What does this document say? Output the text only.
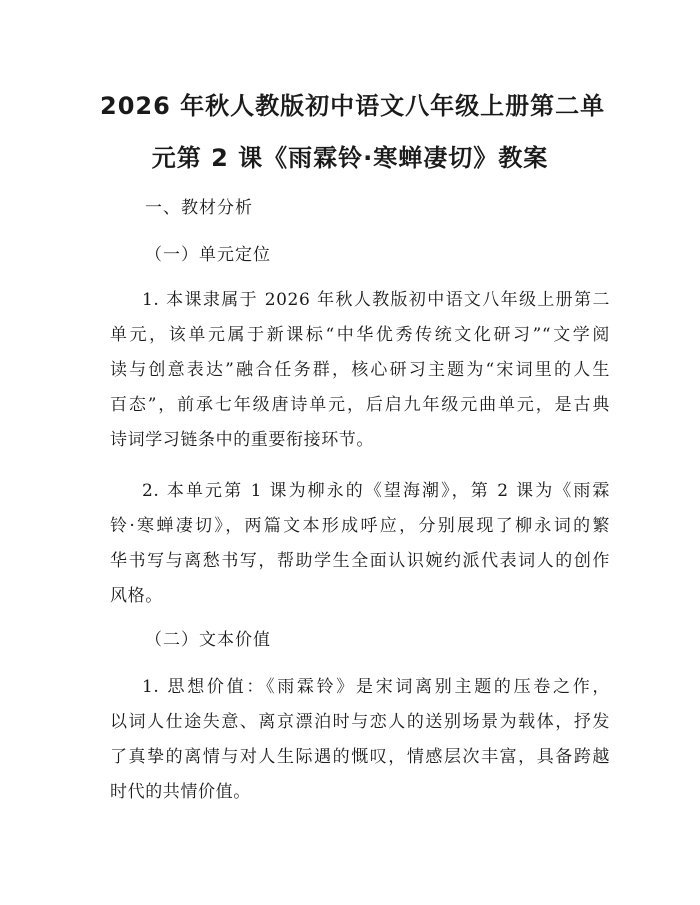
2026 年秋人教版初中语文八年级上册第二单
元第 2 课《雨霖铃·寒蝉凄切》教案

一、教材分析

（一）单元定位

1. 本课隶属于 2026 年秋人教版初中语文八年级上册第二
单元，该单元属于新课标“中华优秀传统文化研习”“文学阅
读与创意表达”融合任务群，核心研习主题为“宋词里的人生
百态”，前承七年级唐诗单元，后启九年级元曲单元，是古典
诗词学习链条中的重要衔接环节。
2. 本单元第 1 课为柳永的《望海潮》，第 2 课为《雨霖
铃·寒蝉凄切》，两篇文本形成呼应，分别展现了柳永词的繁
华书写与离愁书写，帮助学生全面认识婉约派代表词人的创作
风格。

（二）文本价值

1. 思想价值：《雨霖铃》是宋词离别主题的压卷之作，
以词人仕途失意、离京漂泊时与恋人的送别场景为载体，抒发
了真挚的离情与对人生际遇的慨叹，情感层次丰富，具备跨越
时代的共情价值。
